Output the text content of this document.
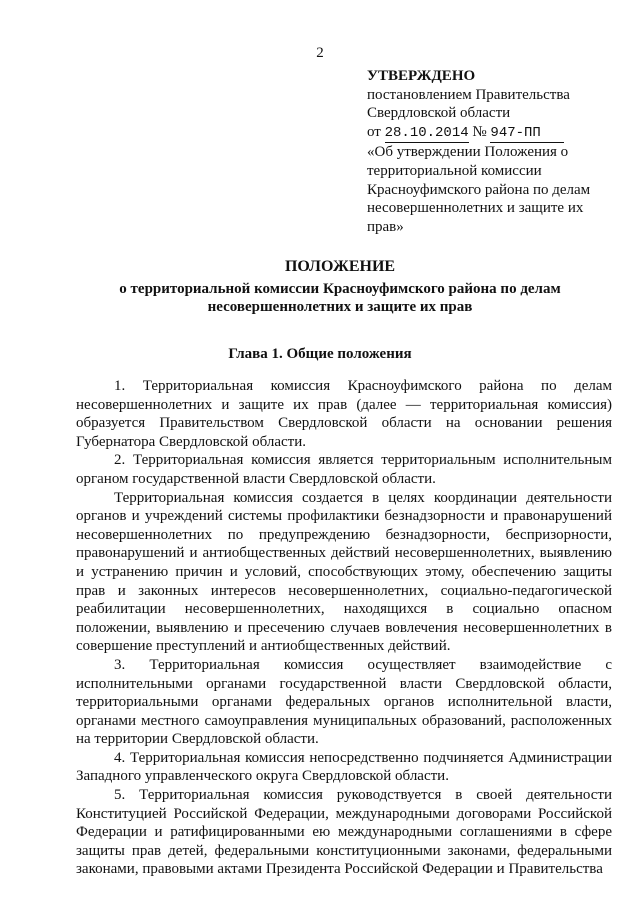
2
УТВЕРЖДЕНО
постановлением Правительства
Свердловской области
от 28.10.2014 № 947-ПП
«Об утверждении Положения о
территориальной комиссии
Красноуфимского района по делам
несовершеннолетних и защите их
прав»
ПОЛОЖЕНИЕ
о территориальной комиссии Красноуфимского района по делам
несовершеннолетних и защите их прав
Глава 1. Общие положения

1. Территориальная комиссия Красноуфимского района по делам несовершеннолетних и защите их прав (далее — территориальная комиссия) образуется Правительством Свердловской области на основании решения Губернатора Свердловской области.

2. Территориальная комиссия является территориальным исполнительным органом государственной власти Свердловской области.

Территориальная комиссия создается в целях координации деятельности органов и учреждений системы профилактики безнадзорности и правонарушений несовершеннолетних по предупреждению безнадзорности, беспризорности, правонарушений и антиобщественных действий несовершеннолетних, выявлению и устранению причин и условий, способствующих этому, обеспечению защиты прав и законных интересов несовершеннолетних, социально-педагогической реабилитации несовершеннолетних, находящихся в социально опасном положении, выявлению и пресечению случаев вовлечения несовершеннолетних в совершение преступлений и антиобщественных действий.

3. Территориальная комиссия осуществляет взаимодействие с исполнительными органами государственной власти Свердловской области, территориальными органами федеральных органов исполнительной власти, органами местного самоуправления муниципальных образований, расположенных на территории Свердловской области.

4. Территориальная комиссия непосредственно подчиняется Администрации Западного управленческого округа Свердловской области.

5. Территориальная комиссия руководствуется в своей деятельности Конституцией Российской Федерации, международными договорами Российской Федерации и ратифицированными ею международными соглашениями в сфере защиты прав детей, федеральными конституционными законами, федеральными законами, правовыми актами Президента Российской Федерации и Правительства
